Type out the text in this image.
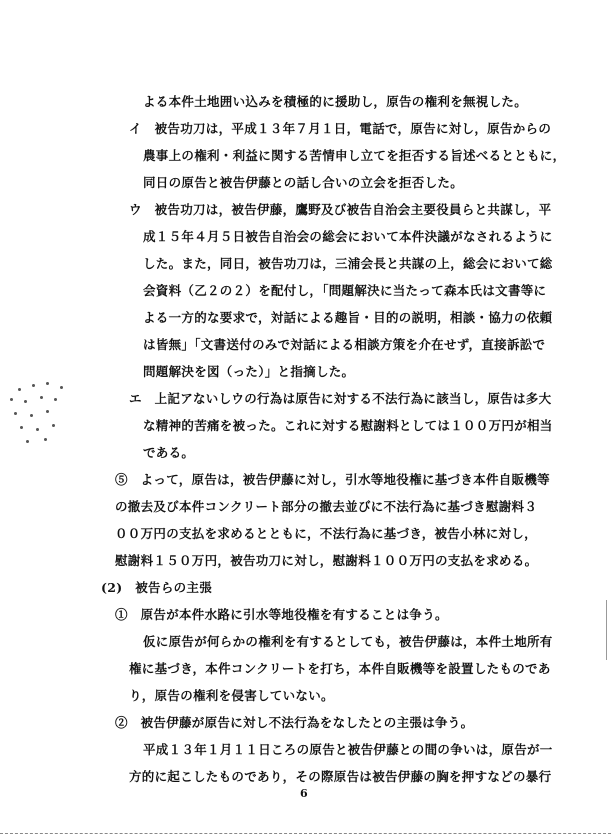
よる本件土地囲い込みを積極的に援助し，原告の権利を無視した。
イ　被告功刀は，平成１３年７月１日，電話で，原告に対し，原告からの
農事上の権利・利益に関する苦情申し立てを拒否する旨述べるとともに，
同日の原告と被告伊藤との話し合いの立会を拒否した。
ウ　被告功刀は，被告伊藤，鷹野及び被告自治会主要役員らと共謀し，平
成１５年４月５日被告自治会の総会において本件決議がなされるように
した。また，同日，被告功刀は，三浦会長と共謀の上，総会において総
会資料（乙２の２）を配付し，「問題解決に当たって森本氏は文書等に
よる一方的な要求で，対話による趣旨・目的の説明，相談・協力の依頼
は皆無」「文書送付のみで対話による相談方策を介在せず，直接訴訟で
問題解決を図（った）」と指摘した。
エ　上記アないしウの行為は原告に対する不法行為に該当し，原告は多大
な精神的苦痛を被った。これに対する慰謝料としては１００万円が相当
である。
⑤　よって，原告は，被告伊藤に対し，引水等地役権に基づき本件自販機等
の撤去及び本件コンクリート部分の撤去並びに不法行為に基づき慰謝料３
００万円の支払を求めるとともに，不法行為に基づき，被告小林に対し，
慰謝料１５０万円，被告功刀に対し，慰謝料１００万円の支払を求める。
(2)　被告らの主張
①　原告が本件水路に引水等地役権を有することは争う。
仮に原告が何らかの権利を有するとしても，被告伊藤は，本件土地所有
権に基づき，本件コンクリートを打ち，本件自販機等を設置したものであ
り，原告の権利を侵害していない。
②　被告伊藤が原告に対し不法行為をなしたとの主張は争う。
平成１３年１月１１日ころの原告と被告伊藤との間の争いは，原告が一
方的に起こしたものであり，その際原告は被告伊藤の胸を押すなどの暴行
6
